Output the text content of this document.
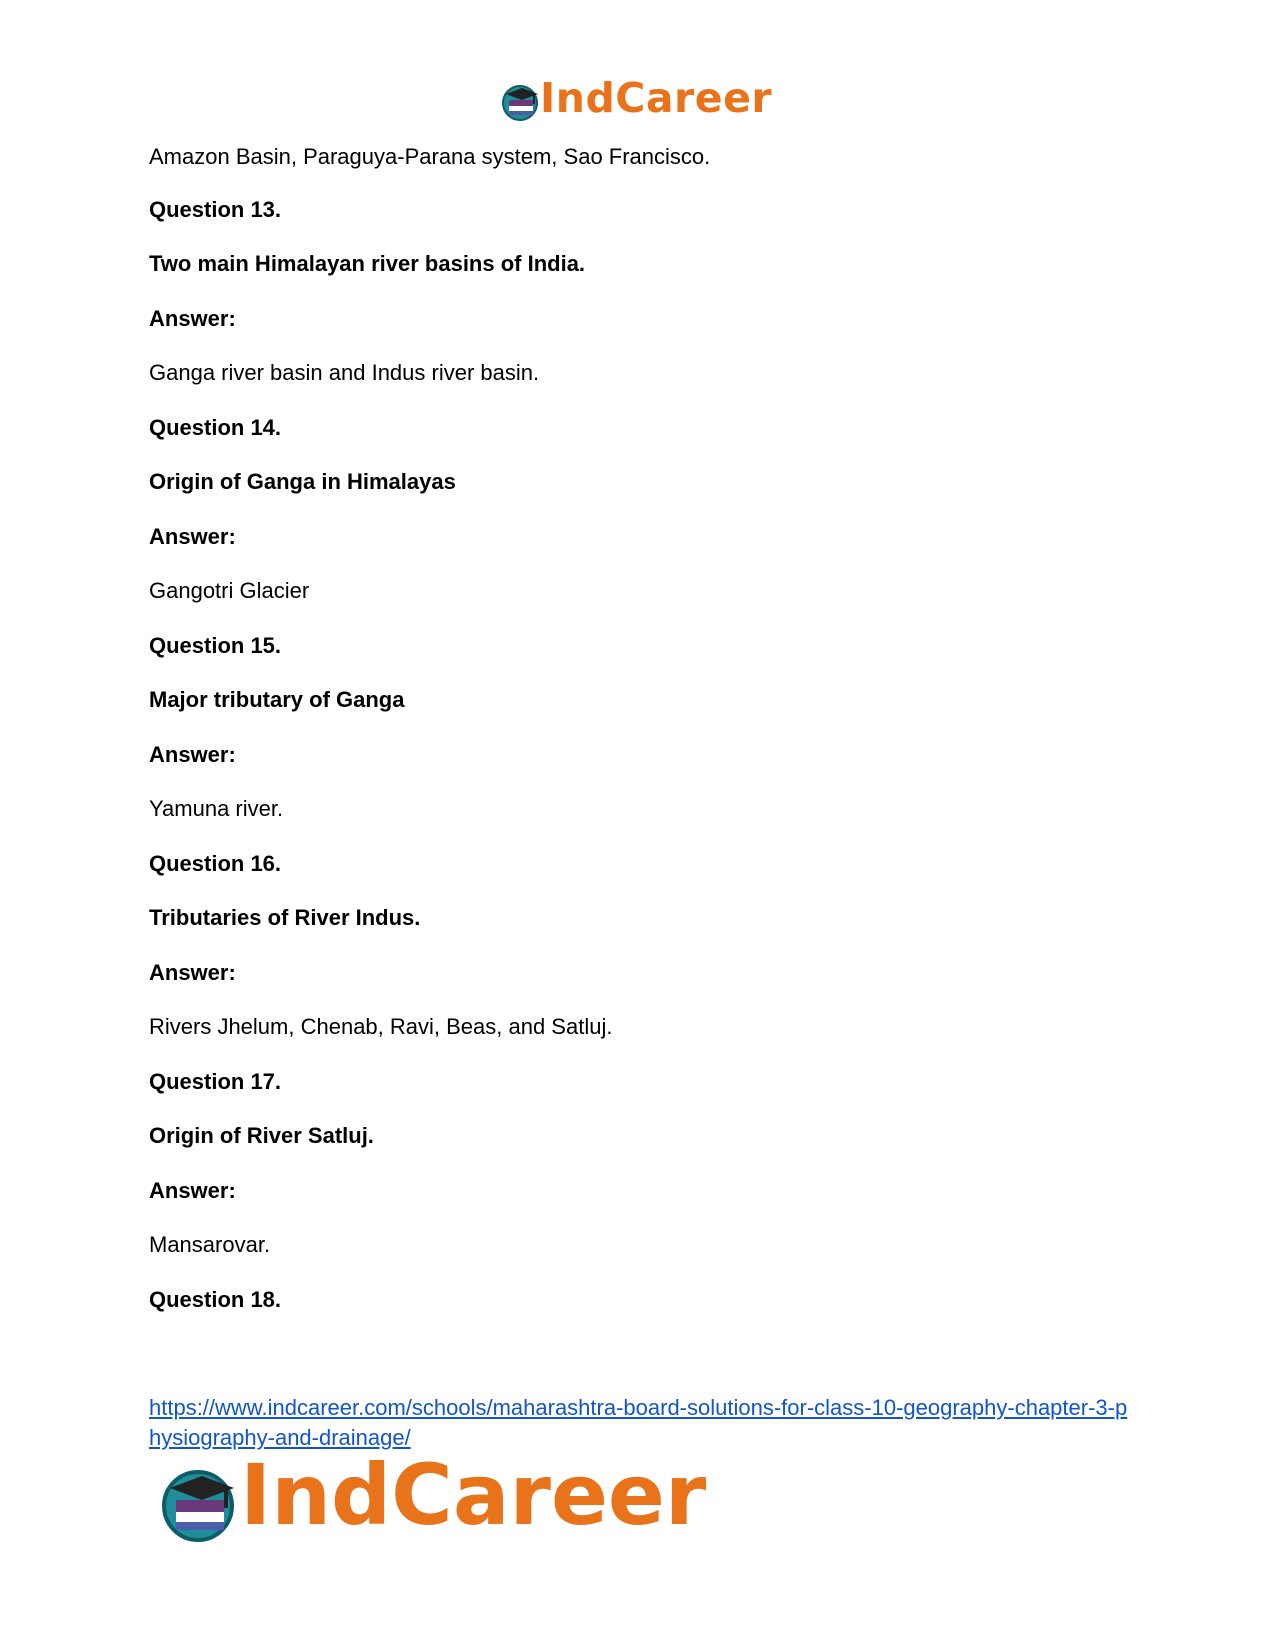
IndCareer
Amazon Basin, Paraguya-Parana system, Sao Francisco.
Question 13.
Two main Himalayan river basins of India.
Answer:
Ganga river basin and Indus river basin.
Question 14.
Origin of Ganga in Himalayas
Answer:
Gangotri Glacier
Question 15.
Major tributary of Ganga
Answer:
Yamuna river.
Question 16.
Tributaries of River Indus.
Answer:
Rivers Jhelum, Chenab, Ravi, Beas, and Satluj.
Question 17.
Origin of River Satluj.
Answer:
Mansarovar.
Question 18.
https://www.indcareer.com/schools/maharashtra-board-solutions-for-class-10-geography-chapter-3-physiography-and-drainage/
IndCareer
